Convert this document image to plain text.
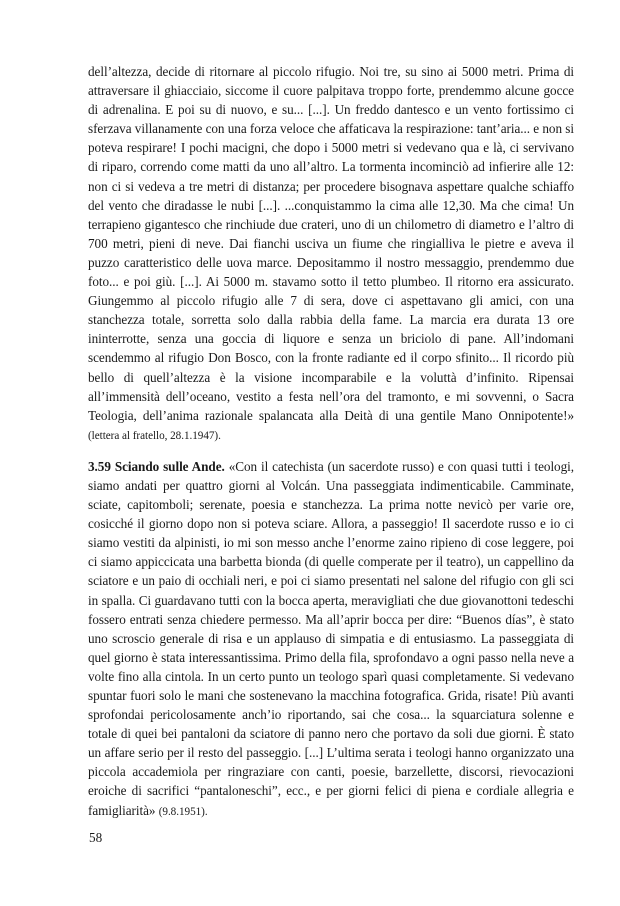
dell’altezza, decide di ritornare al piccolo rifugio. Noi tre, su sino ai 5000 metri. Prima di attraversare il ghiacciaio, siccome il cuore palpitava troppo forte, prendemmo alcune gocce di adrenalina. E poi su di nuovo, e su... [...]. Un freddo dantesco e un vento fortissimo ci sferzava villanamente con una forza veloce che affaticava la respirazione: tant’aria... e non si poteva respirare! I pochi macigni, che dopo i 5000 metri si vedevano qua e là, ci servivano di riparo, correndo come matti da uno all’altro. La tormenta incominciò ad infierire alle 12: non ci si vedeva a tre metri di distanza; per procedere bisognava aspettare qualche schiaffo del vento che diradasse le nubi [...]. ...conquistammo la cima alle 12,30. Ma che cima! Un terrapieno gigantesco che rinchiude due crateri, uno di un chilometro di diametro e l’altro di 700 metri, pieni di neve. Dai fianchi usciva un fiume che ringialliva le pietre e aveva il puzzo caratteristico delle uova marce. Depositammo il nostro messaggio, prendemmo due foto... e poi giù. [...]. Ai 5000 m. stavamo sotto il tetto plumbeo. Il ritorno era assicurato. Giungemmo al piccolo rifugio alle 7 di sera, dove ci aspettavano gli amici, con una stanchezza totale, sorretta solo dalla rabbia della fame. La marcia era durata 13 ore ininterrotte, senza una goccia di liquore e senza un briciolo di pane. All’indomani scendemmo al rifugio Don Bosco, con la fronte radiante ed il corpo sfinito... Il ricordo più bello di quell’altezza è la visione incomparabile e la voluttà d’infinito. Ripensai all’immensità dell’oceano, vestito a festa nell’ora del tramonto, e mi sovvenni, o Sacra Teologia, dell’anima razionale spalancata alla Deità di una gentile Mano Onnipotente!» (lettera al fratello, 28.1.1947).

3.59 Sciando sulle Ande. «Con il catechista (un sacerdote russo) e con quasi tutti i teologi, siamo andati per quattro giorni al Volcán. Una passeggiata indimenticabile. Camminate, sciate, capitomboli; serenate, poesia e stanchezza. La prima notte nevicò per varie ore, cosicché il giorno dopo non si poteva sciare. Allora, a passeggio! Il sacerdote russo e io ci siamo vestiti da alpinisti, io mi son messo anche l’enorme zaino ripieno di cose leggere, poi ci siamo appiccicata una barbetta bionda (di quelle comperate per il teatro), un cappellino da sciatore e un paio di occhiali neri, e poi ci siamo presentati nel salone del rifugio con gli sci in spalla. Ci guardavano tutti con la bocca aperta, meravigliati che due giovanottoni tedeschi fossero entrati senza chiedere permesso. Ma all’aprir bocca per dire: “Buenos días”, è stato uno scroscio generale di risa e un applauso di simpatia e di entusiasmo. La passeggiata di quel giorno è stata interessantissima. Primo della fila, sprofondavo a ogni passo nella neve a volte fino alla cintola. In un certo punto un teologo sparì quasi completamente. Si vedevano spuntar fuori solo le mani che sostenevano la macchina fotografica. Grida, risate! Più avanti sprofondai pericolosamente anch’io riportando, sai che cosa... la squarciatura solenne e totale di quei bei pantaloni da sciatore di panno nero che portavo da soli due giorni. È stato un affare serio per il resto del passeggio. [...] L’ultima serata i teologi hanno organizzato una piccola accademiola per ringraziare con canti, poesie, barzellette, discorsi, rievocazioni eroiche di sacrifici “pantaloneschi”, ecc., e per giorni felici di piena e cordiale allegria e famigliarità» (9.8.1951).

58
